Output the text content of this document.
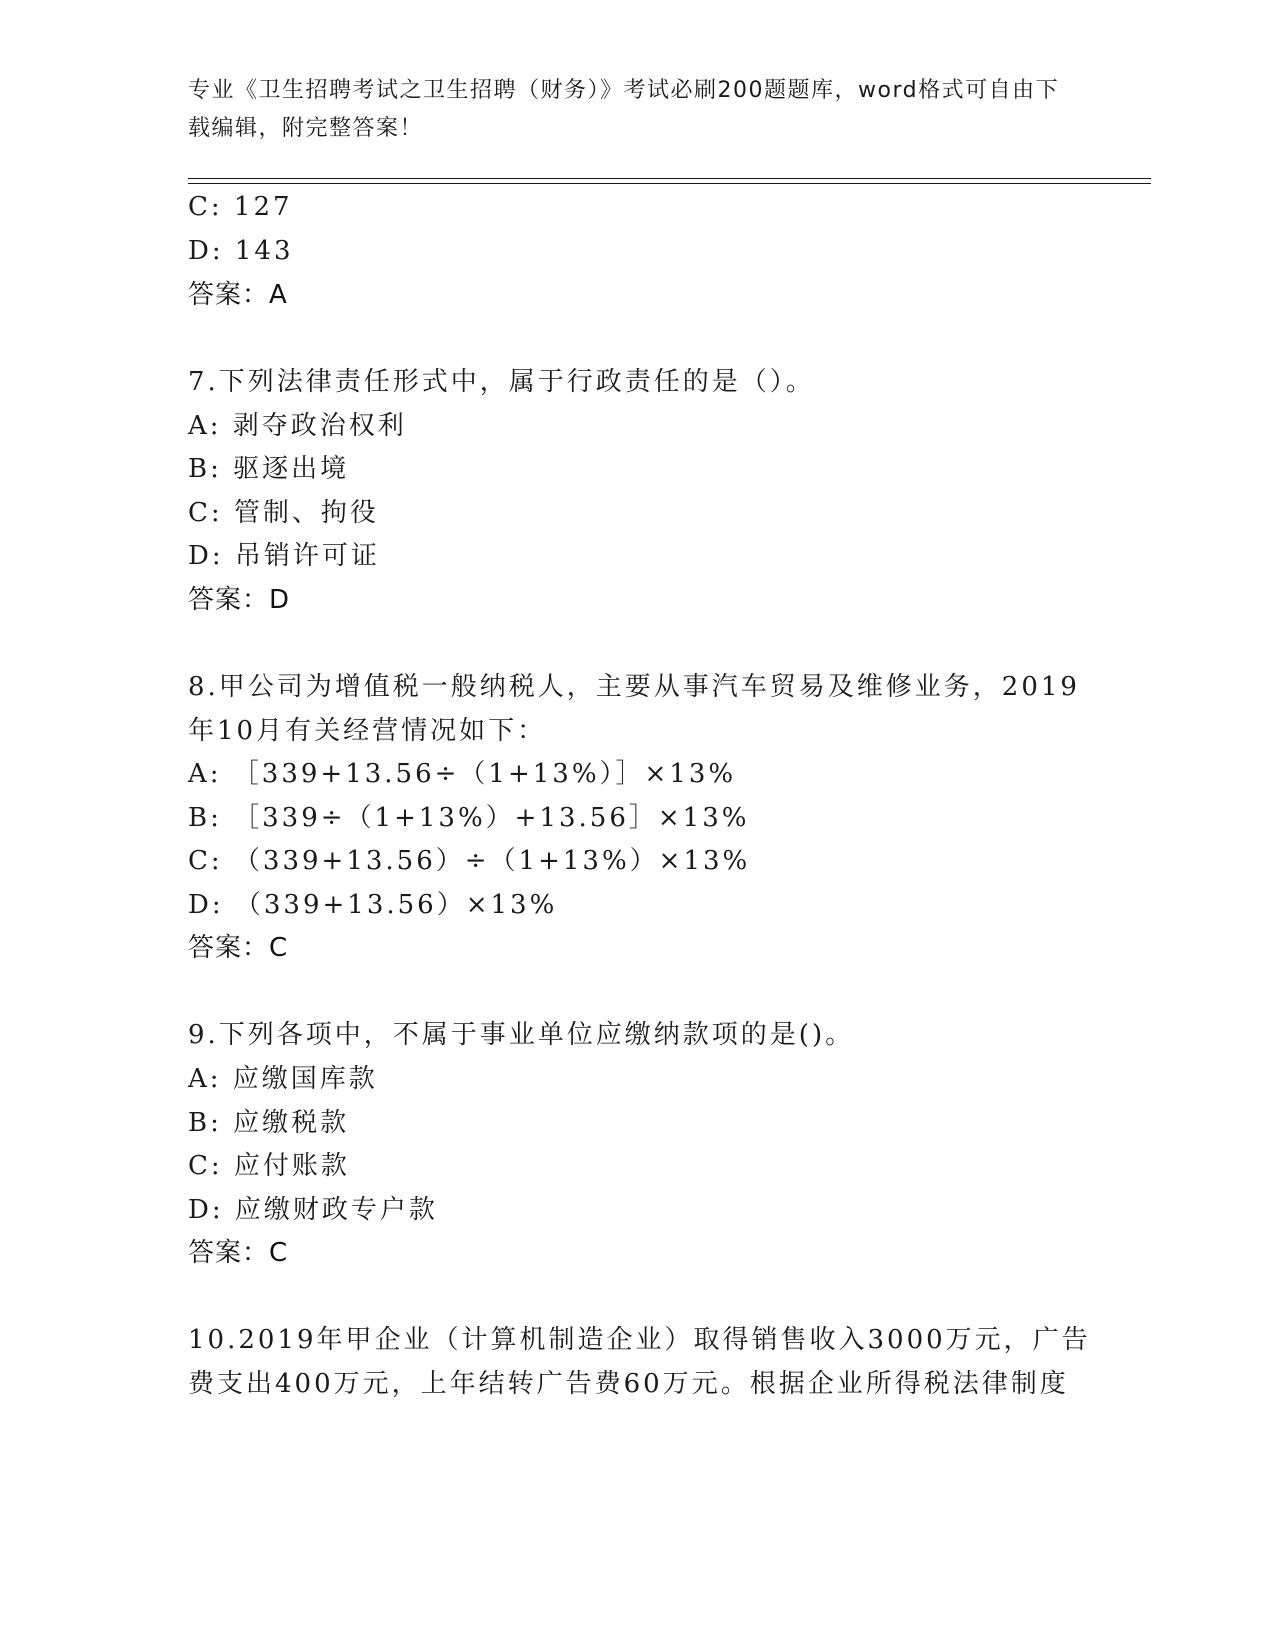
专业《卫生招聘考试之卫生招聘（财务）》考试必刷200题题库，word格式可自由下载编辑，附完整答案！
C: 127
D: 143
答案：A
7.下列法律责任形式中，属于行政责任的是（）。
A: 剥夺政治权利
B: 驱逐出境
C: 管制、拘役
D: 吊销许可证
答案：D
8.甲公司为增值税一般纳税人，主要从事汽车贸易及维修业务，2019
年10月有关经营情况如下：
A: ［339+13.56÷（1+13%）］×13%
B: ［339÷（1+13%）+13.56］×13%
C: （339+13.56）÷（1+13%）×13%
D: （339+13.56）×13%
答案：C
9.下列各项中，不属于事业单位应缴纳款项的是()。
A: 应缴国库款
B: 应缴税款
C: 应付账款
D: 应缴财政专户款
答案：C
10.2019年甲企业（计算机制造企业）取得销售收入3000万元，广告
费支出400万元，上年结转广告费60万元。根据企业所得税法律制度
